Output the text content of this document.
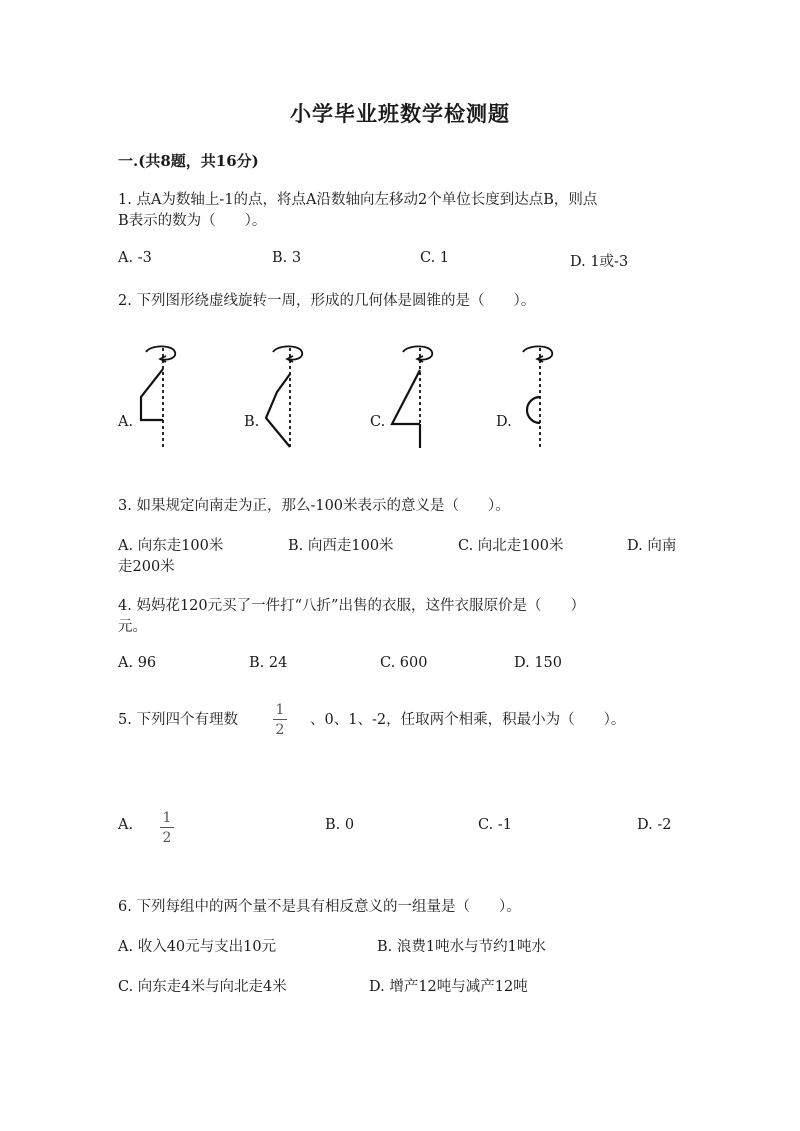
小学毕业班数学检测题
一.(共8题，共16分)
1. 点A为数轴上-1的点，将点A沿数轴向左移动2个单位长度到达点B，则点
B表示的数为（　　）。
A. -3	B. 3	C. 1	D. 1或-3
2. 下列图形绕虚线旋转一周，形成的几何体是圆锥的是（　　）。
A.	B.	C.	D.
3. 如果规定向南走为正，那么-100米表示的意义是（　　）。
A. 向东走100米	B. 向西走100米	C. 向北走100米	D. 向南
走200米
4. 妈妈花120元买了一件打“八折”出售的衣服，这件衣服原价是（　　）
元。
A. 96	B. 24	C. 600	D. 150
5. 下列四个有理数
1
2
、0、1、-2，任取两个相乘，积最小为（　　）。
A. 1
2
B. 0	C. -1	D. -2
6. 下列每组中的两个量不是具有相反意义的一组量是（　　）。
A. 收入40元与支出10元	B. 浪费1吨水与节约1吨水
C. 向东走4米与向北走4米	D. 增产12吨与减产12吨
